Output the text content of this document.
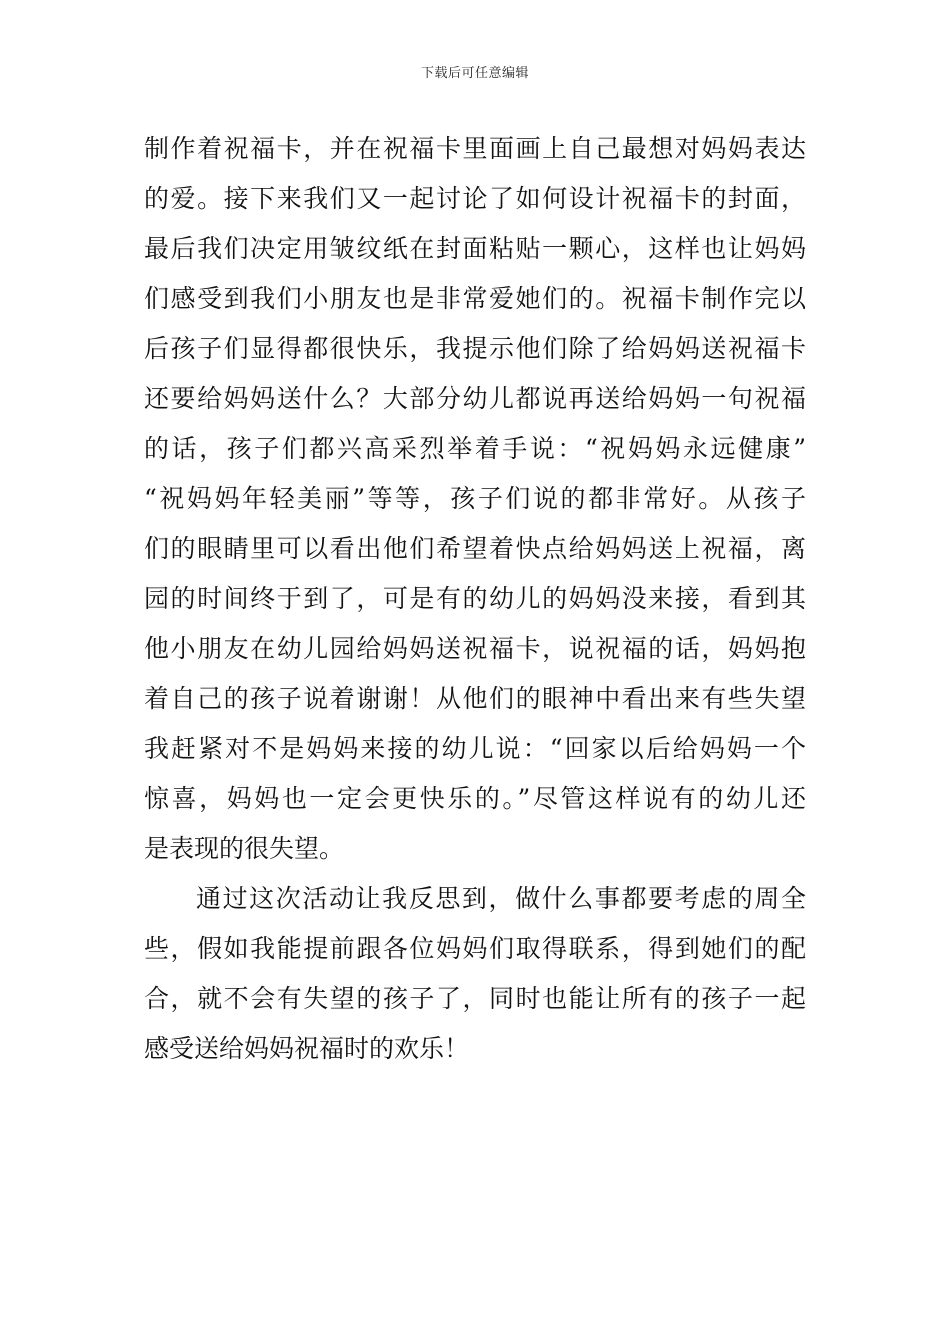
下载后可任意编辑
制作着祝福卡，并在祝福卡里面画上自己最想对妈妈表达
的爱。接下来我们又一起讨论了如何设计祝福卡的封面，
最后我们决定用皱纹纸在封面粘贴一颗心，这样也让妈妈
们感受到我们小朋友也是非常爱她们的。祝福卡制作完以
后孩子们显得都很快乐，我提示他们除了给妈妈送祝福卡
还要给妈妈送什么？大部分幼儿都说再送给妈妈一句祝福
的话，孩子们都兴高采烈举着手说：“祝妈妈永远健康”
“祝妈妈年轻美丽”等等，孩子们说的都非常好。从孩子
们的眼睛里可以看出他们希望着快点给妈妈送上祝福，离
园的时间终于到了，可是有的幼儿的妈妈没来接，看到其
他小朋友在幼儿园给妈妈送祝福卡，说祝福的话，妈妈抱
着自己的孩子说着谢谢！从他们的眼神中看出来有些失望
我赶紧对不是妈妈来接的幼儿说：“回家以后给妈妈一个
惊喜，妈妈也一定会更快乐的。”尽管这样说有的幼儿还
是表现的很失望。
通过这次活动让我反思到，做什么事都要考虑的周全
些，假如我能提前跟各位妈妈们取得联系，得到她们的配
合，就不会有失望的孩子了，同时也能让所有的孩子一起
感受送给妈妈祝福时的欢乐！
